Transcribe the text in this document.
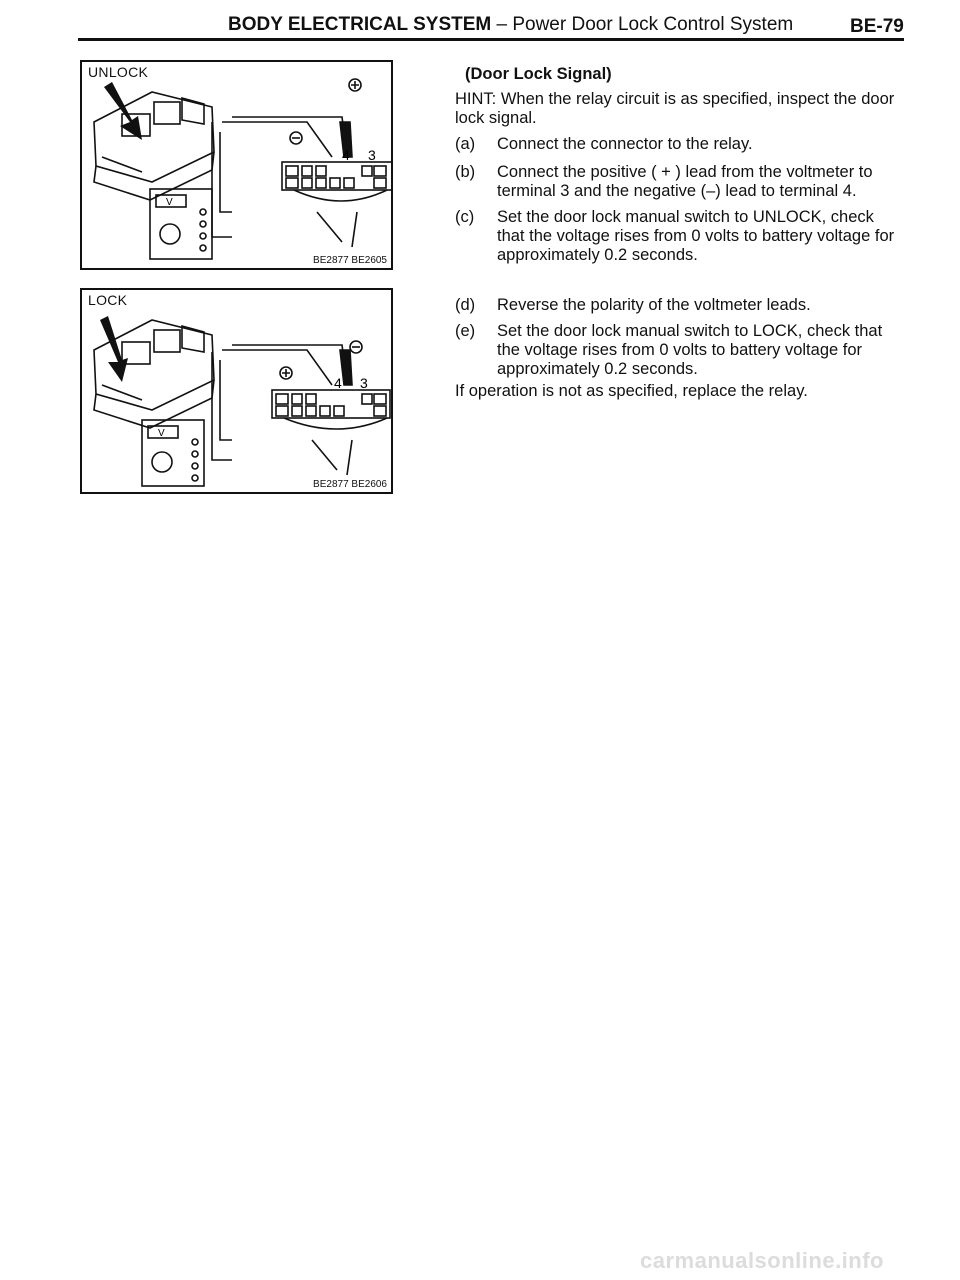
BODY ELECTRICAL SYSTEM – Power Door Lock Control System	BE-79
V
4 3
UNLOCK
BE2877 BE2605
V
4 3
LOCK
BE2877 BE2606
(Door Lock Signal)
HINT: When the relay circuit is as specified, inspect the door lock signal.
(a)	Connect the connector to the relay.
(b)	Connect the positive ( + ) lead from the voltmeter to terminal 3 and the negative (–) lead to terminal 4.
(c)	Set the door lock manual switch to UNLOCK, check that the voltage rises from 0 volts to battery voltage for approximately 0.2 seconds.
(d)	Reverse the polarity of the voltmeter leads.
(e)	Set the door lock manual switch to LOCK, check that the voltage rises from 0 volts to battery voltage for approximately 0.2 seconds.
If operation is not as specified, replace the relay.
carmanualsonline.info
